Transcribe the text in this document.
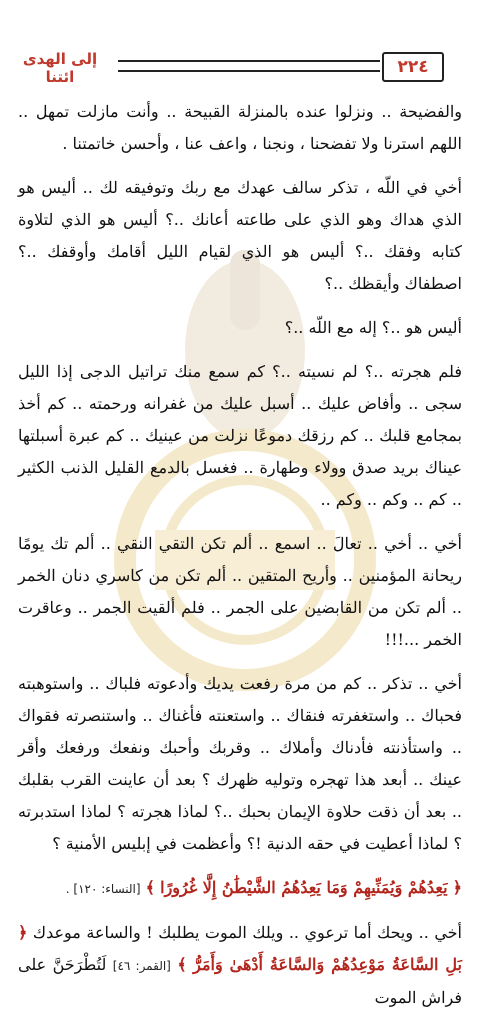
٢٢٤
إلى الهدى ائتنا

والفضيحة .. ونزلوا عنده بالمنزلة القبيحة .. وأنت مازلت تمهل .. اللهم استرنا ولا تفضحنا ، ونجنا ، واعف عنا ، وأحسن خاتمتنا .

أخي في اللّه ، تذكر سالف عهدك مع ربك وتوفيقه لك .. أليس هو الذي هداك وهو الذي على طاعته أعانك ..؟ أليس هو الذي لتلاوة كتابه وفقك ..؟ أليس هو الذي لقيام الليل أقامك وأوقفك ..؟ اصطفاك وأيقظك ..؟

أليس هو ..؟ إله مع اللّه ..؟

فلم هجرته ..؟ لم نسيته ..؟ كم سمع منك تراتيل الدجى إذا الليل سجى .. وأفاض عليك .. أسبل عليك من غفرانه ورحمته .. كم أخذ بمجامع قلبك .. كم رزقك دموعًا نزلت من عينيك .. كم عبرة أسبلتها عيناك بريد صدق وولاء وطهارة .. فغسل بالدمع القليل الذنب الكثير .. كم .. وكم .. وكم ..

أخي .. أخي .. تعالَ .. اسمع .. ألم تكن التقي النقي .. ألم تك يومًا ريحانة المؤمنين .. وأريح المتقين .. ألم تكن من كاسري دنان الخمر .. ألم تكن من القابضين على الجمر .. فلم ألقيت الجمر .. وعاقرت الخمر ...!!!

أخي .. تذكر .. كم من مرة رفعت يديك وأدعوته فلباك .. واستوهبته فحباك .. واستغفرته فنقاك .. واستعنته فأغناك .. واستنصرته فقواك .. واستأذنته فأدناك وأملاك .. وقربك وأحبك ونفعك ورفعك وأقر عينك .. أبعد هذا تهجره وتوليه ظهرك ؟ بعد أن عاينت القرب بقلبك .. بعد أن ذقت حلاوة الإيمان بحبك ..؟ لماذا هجرته ؟ لماذا استدبرته ؟ لماذا أعطيت في حقه الدنية !؟ وأعظمت في إبليس الأمنية ؟

﴿ يَعِدُهُمْ وَيُمَنِّيهِمْ وَمَا يَعِدُهُمُ الشَّيْطَٰنُ إِلَّا غُرُورًا ﴾ [النساء: ١٢٠] .

أخي .. ويحك أما ترعوي .. ويلك الموت يطلبك ! والساعة موعدك ﴿ بَلِ السَّاعَةُ مَوْعِدُهُمْ وَالسَّاعَةُ أَدْهَىٰ وَأَمَرُّ ﴾ [القمر: ٤٦] لَتُطْرَحَنَّ على فراش الموت
